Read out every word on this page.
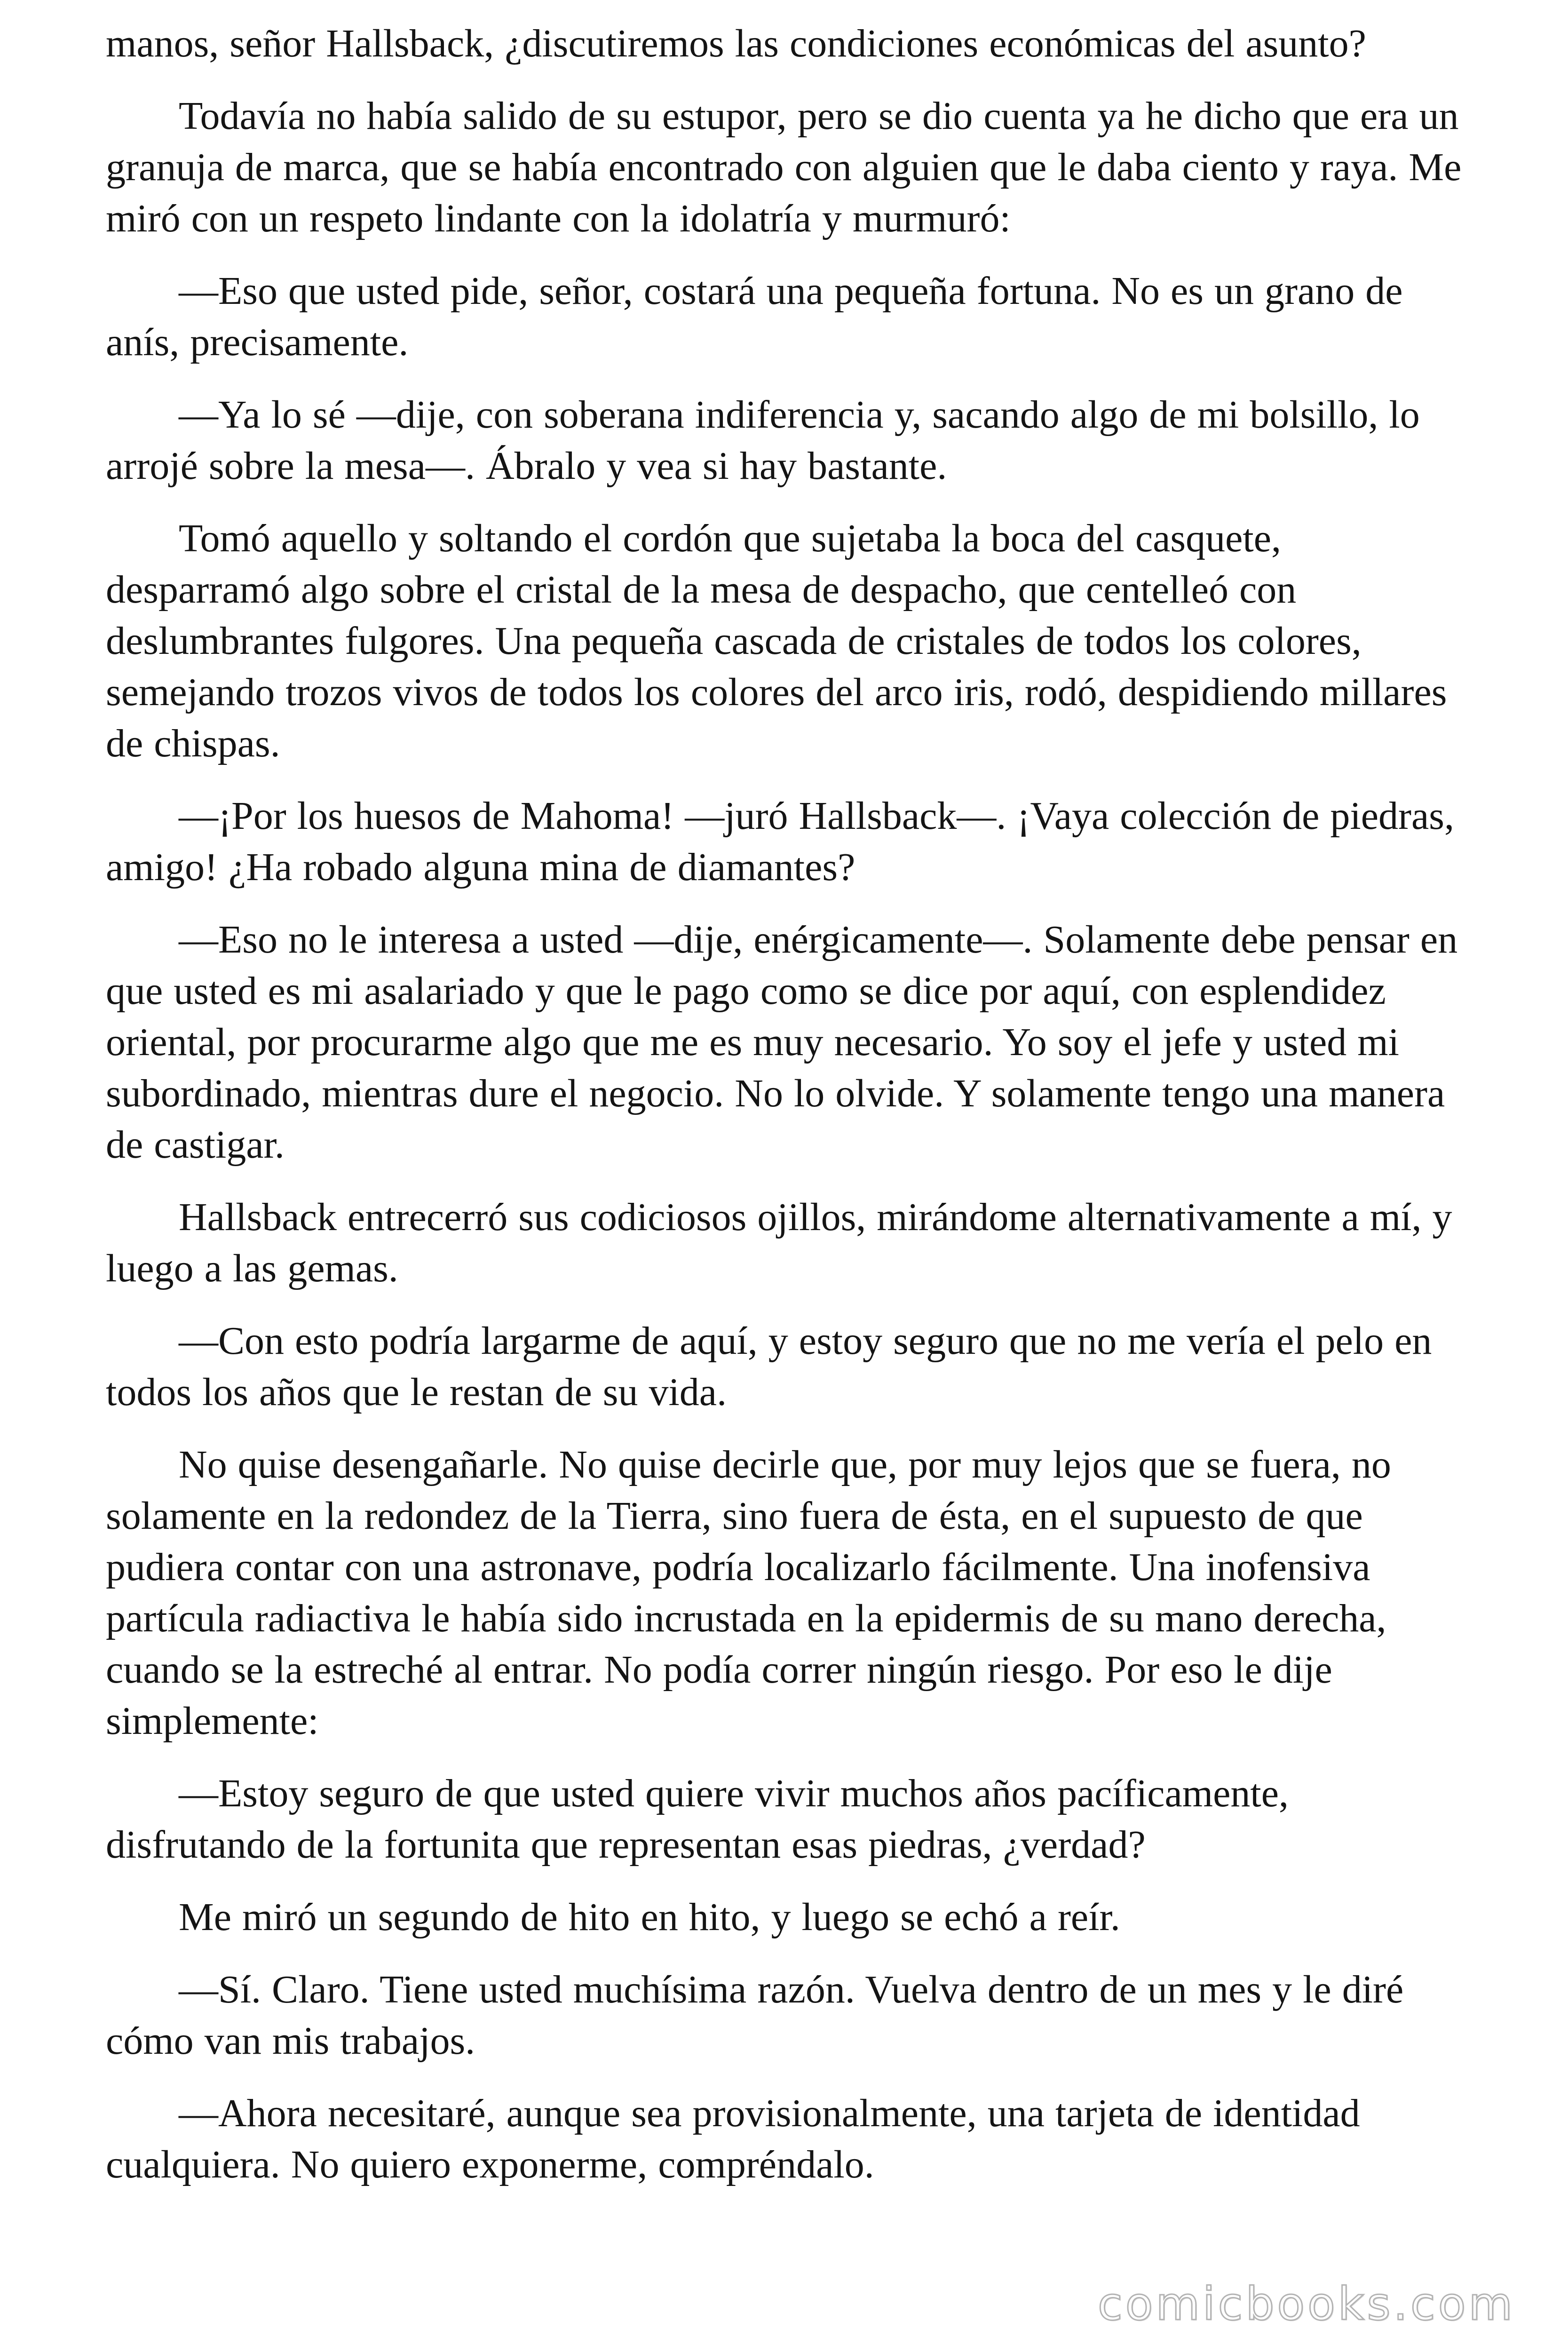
manos, señor Hallsback, ¿discutiremos las condiciones económicas del asunto?

Todavía no había salido de su estupor, pero se dio cuenta ya he dicho que era un granuja de marca, que se había encontrado con alguien que le daba ciento y raya. Me miró con un respeto lindante con la idolatría y murmuró:

—Eso que usted pide, señor, costará una pequeña fortuna. No es un grano de anís, precisamente.

—Ya lo sé —dije, con soberana indiferencia y, sacando algo de mi bolsillo, lo arrojé sobre la mesa—. Ábralo y vea si hay bastante.

Tomó aquello y soltando el cordón que sujetaba la boca del casquete, desparramó algo sobre el cristal de la mesa de despacho, que centelleó con deslumbrantes fulgores. Una pequeña cascada de cristales de todos los colores, semejando trozos vivos de todos los colores del arco iris, rodó, despidiendo millares de chispas.

—¡Por los huesos de Mahoma! —juró Hallsback—. ¡Vaya colección de piedras, amigo! ¿Ha robado alguna mina de diamantes?

—Eso no le interesa a usted —dije, enérgicamente—. Solamente debe pensar en que usted es mi asalariado y que le pago como se dice por aquí, con esplendidez oriental, por procurarme algo que me es muy necesario. Yo soy el jefe y usted mi subordinado, mientras dure el negocio. No lo olvide. Y solamente tengo una manera de castigar.

Hallsback entrecerró sus codiciosos ojillos, mirándome alternativamente a mí, y luego a las gemas.

—Con esto podría largarme de aquí, y estoy seguro que no me vería el pelo en todos los años que le restan de su vida.

No quise desengañarle. No quise decirle que, por muy lejos que se fuera, no solamente en la redondez de la Tierra, sino fuera de ésta, en el supuesto de que pudiera contar con una astronave, podría localizarlo fácilmente. Una inofensiva partícula radiactiva le había sido incrustada en la epidermis de su mano derecha, cuando se la estreché al entrar. No podía correr ningún riesgo. Por eso le dije simplemente:

—Estoy seguro de que usted quiere vivir muchos años pacíficamente, disfrutando de la fortunita que representan esas piedras, ¿verdad?

Me miró un segundo de hito en hito, y luego se echó a reír.

—Sí. Claro. Tiene usted muchísima razón. Vuelva dentro de un mes y le diré cómo van mis trabajos.

—Ahora necesitaré, aunque sea provisionalmente, una tarjeta de identidad cualquiera. No quiero exponerme, compréndalo.

comicbooks.com
